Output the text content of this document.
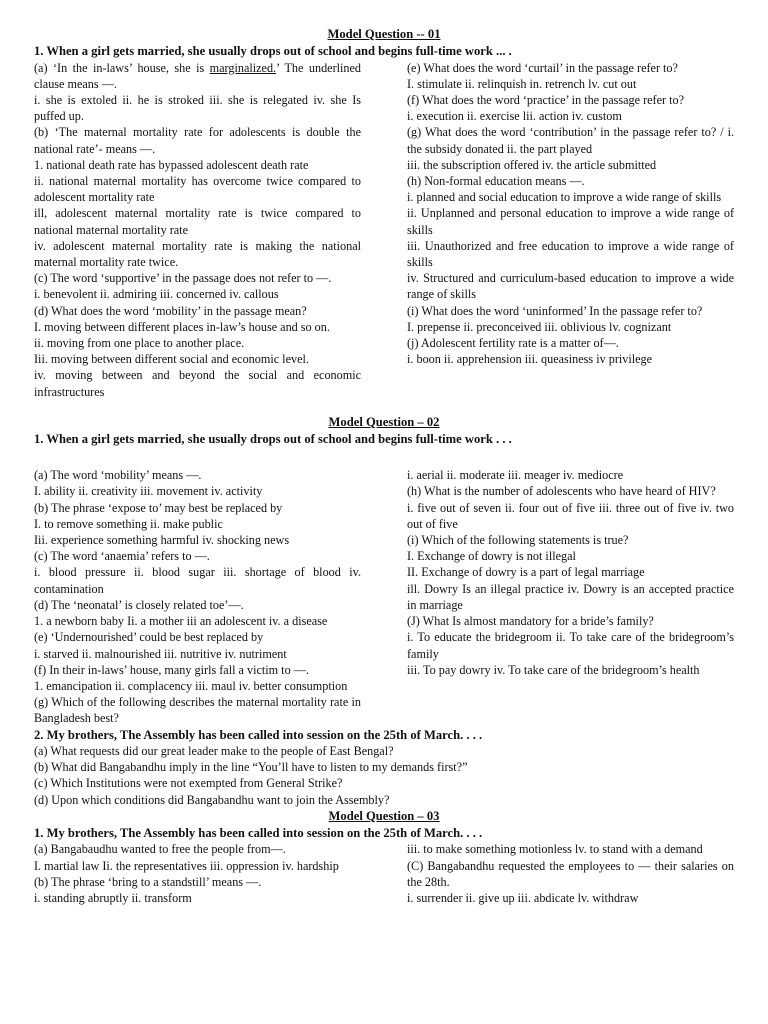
Model Question -- 01
1. When a girl gets married, she usually drops out of school and begins full-time work ... .

(a) ‘In the in-laws’ house, she is marginalized.’ The underlined clause means —.

i. she is extoled ii. he is stroked iii. she is relegated iv. she Is puffed up.

(b) ‘The maternal mortality rate for adolescents is double the national rate’- means —.

1. national death rate has bypassed adolescent death rate

ii. national maternal mortality has overcome twice compared to adolescent mortality rate

ill, adolescent maternal mortality rate is twice compared to national maternal mortality rate

iv. adolescent maternal mortality rate is making the national maternal mortality rate twice.

(c) The word ‘supportive’ in the passage does not refer to —.

i. benevolent ii. admiring iii. concerned iv. callous

(d) What does the word ‘mobility’ in the passage mean?

I. moving between different places in-law’s house and so on.

ii. moving from one place to another place.

Iii. moving between different social and economic level.

iv. moving between and beyond the social and economic infrastructures

(e) What does the word ‘curtail’ in the passage refer to?

I. stimulate ii. relinquish in. retrench lv. cut out

(f) What does the word ‘practice’ in the passage refer to?

i. execution ii. exercise lii. action iv. custom

(g) What does the word ‘contribution’ in the passage refer to? / i. the subsidy donated ii. the part played

iii. the subscription offered iv. the article submitted

(h) Non-formal education means —.

i. planned and social education to improve a wide range of skills

ii. Unplanned and personal education to improve a wide range of skills

iii. Unauthorized and free education to improve a wide range of skills

iv. Structured and curriculum-based education to improve a wide range of skills

(i) What does the word ‘uninformed’ In the passage refer to?

I. prepense ii. preconceived iii. oblivious lv. cognizant

(j) Adolescent fertility rate is a matter of—.

i. boon ii. apprehension iii. queasiness iv privilege

Model Question – 02
1. When a girl gets married, she usually drops out of school and begins full-time work . . .

(a) The word ‘mobility’ means —.

I. ability ii. creativity iii. movement iv. activity

(b) The phrase ‘expose to’ may best be replaced by

I. to remove something ii. make public

Iii. experience something harmful iv. shocking news

(c) The word ‘anaemia’ refers to —.

i. blood pressure ii. blood sugar iii. shortage of blood iv. contamination

(d) The ‘neonatal’ is closely related toe’—.

1. a newborn baby Ii. a mother iii an adolescent iv. a disease

(e) ‘Undernourished’ could be best replaced by

i. starved ii. malnourished iii. nutritive iv. nutriment

(f) In their in-laws’ house, many girls fall a victim to —.

1. emancipation ii. complacency iii. maul iv. better consumption

(g) Which of the following describes the maternal mortality rate in Bangladesh best?

i. aerial ii. moderate iii. meager iv. mediocre

(h) What is the number of adolescents who have heard of HIV?

i. five out of seven ii. four out of five iii. three out of five iv. two out of five

(i) Which of the following statements is true?

I. Exchange of dowry is not illegal

II. Exchange of dowry is a part of legal marriage

ill. Dowry Is an illegal practice iv. Dowry is an accepted practice in marriage

(J) What Is almost mandatory for a bride’s family?

i. To educate the bridegroom ii. To take care of the bridegroom’s family

iii. To pay dowry iv. To take care of the bridegroom’s health

2. My brothers, The Assembly has been called into session on the 25th of March. . . .
(a) What requests did our great leader make to the people of East Bengal?
(b) What did Bangabandhu imply in the line “You’ll have to listen to my demands first?”
(c) Which Institutions were not exempted from General Strike?
(d) Upon which conditions did Bangabandhu want to join the Assembly?
Model Question – 03
1. My brothers, The Assembly has been called into session on the 25th of March. . . .

(a) Bangabaudhu wanted to free the people from—.

I. martial law Ii. the representatives iii. oppression iv. hardship

(b) The phrase ‘bring to a standstill’ means —.

i. standing abruptly ii. transform

iii. to make something motionless lv. to stand with a demand

(C) Bangabandhu requested the employees to — their salaries on the 28th.

i. surrender ii. give up iii. abdicate lv. withdraw
